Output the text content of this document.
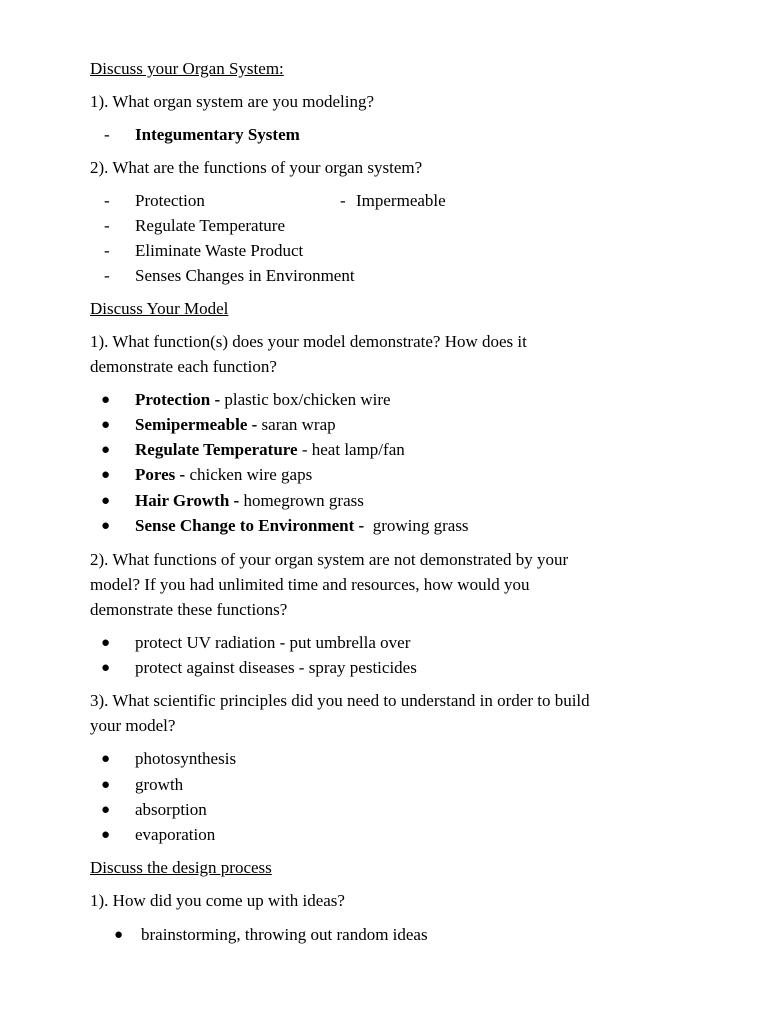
Discuss your Organ System:
1). What organ system are you modeling?
- Integumentary System
2). What are the functions of your organ system?
- Protection	- Impermeable
- Regulate Temperature
- Eliminate Waste Product
- Senses Changes in Environment
Discuss Your Model
1). What function(s) does your model demonstrate? How does it
demonstrate each function?
● Protection - plastic box/chicken wire
● Semipermeable - saran wrap
● Regulate Temperature - heat lamp/fan
● Pores - chicken wire gaps
● Hair Growth - homegrown grass
● Sense Change to Environment -  growing grass
2). What functions of your organ system are not demonstrated by your
model? If you had unlimited time and resources, how would you
demonstrate these functions?
● protect UV radiation - put umbrella over
● protect against diseases - spray pesticides
3). What scientific principles did you need to understand in order to build
your model?
● photosynthesis
● growth
● absorption
● evaporation
Discuss the design process
1). How did you come up with ideas?
● brainstorming, throwing out random ideas
